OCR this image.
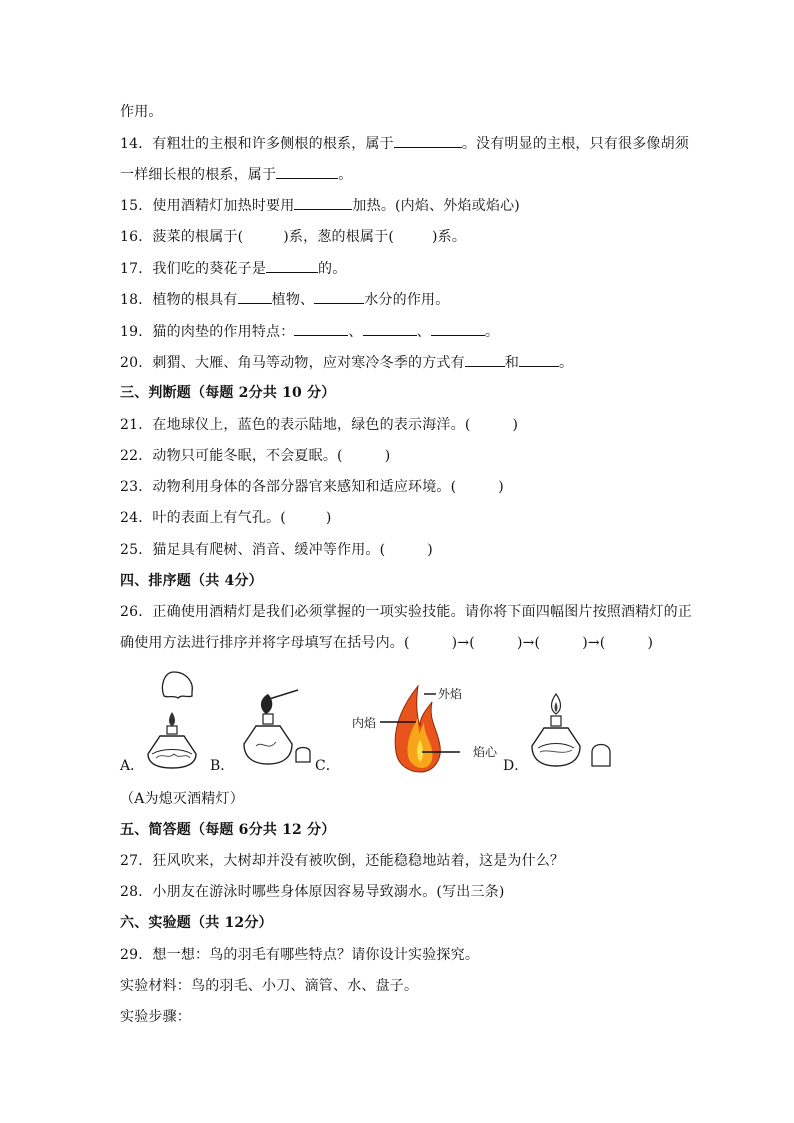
作用。
14．有粗壮的主根和许多侧根的根系，属于	。没有明显的主根，只有很多像胡须
一样细长根的根系，属于	。
15．使用酒精灯加热时要用	加热。(内焰、外焰或焰心)
16．菠菜的根属于(	)系，葱的根属于(	)系。
17．我们吃的葵花子是	的。
18．植物的根具有 植物、	水分的作用。
19．猫的肉垫的作用特点：	、	、	。
20．刺猬、大雁、角马等动物，应对寒冷冬季的方式有	和	。
三、判断题（每题 2分共 10 分）
21．在地球仪上，蓝色的表示陆地，绿色的表示海洋。(	)
22．动物只可能冬眠，不会夏眠。(	)
23．动物利用身体的各部分器官来感知和适应环境。(	)
24．叶的表面上有气孔。(	)
25．猫足具有爬树、消音、缓冲等作用。(	)
四、排序题（共 4分）
26．正确使用酒精灯是我们必须掌握的一项实验技能。请你将下面四幅图片按照酒精灯的正
确使用方法进行排序并将字母填写在括号内。(	)→(	)→(	)→(	)
外焰
内焰
焰心
A．	B．	C．	D．
（A为熄灭酒精灯）
五、简答题（每题 6分共 12 分）
27．狂风吹来，大树却并没有被吹倒，还能稳稳地站着，这是为什么？
28．小朋友在游泳时哪些身体原因容易导致溺水。(写出三条)
六、实验题（共 12分）
29．想一想：鸟的羽毛有哪些特点？请你设计实验探究。
实验材料：鸟的羽毛、小刀、滴管、水、盘子。
实验步骤：
